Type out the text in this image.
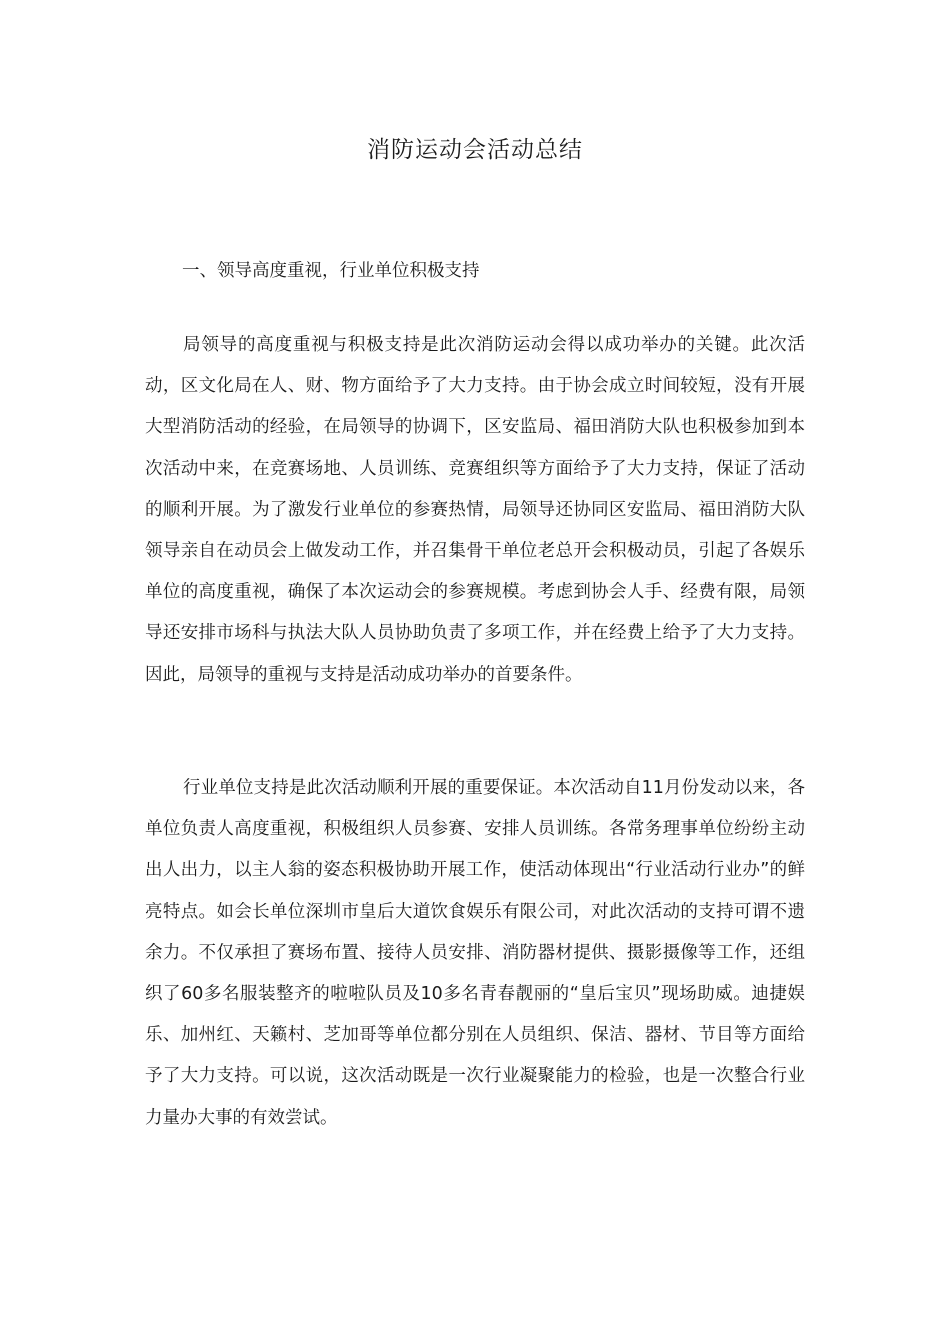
消防运动会活动总结
一、领导高度重视，行业单位积极支持

局领导的高度重视与积极支持是此次消防运动会得以成功举办的关键。此次活动，区文化局在人、财、物方面给予了大力支持。由于协会成立时间较短，没有开展大型消防活动的经验，在局领导的协调下，区安监局、福田消防大队也积极参加到本次活动中来，在竞赛场地、人员训练、竞赛组织等方面给予了大力支持，保证了活动的顺利开展。为了激发行业单位的参赛热情，局领导还协同区安监局、福田消防大队领导亲自在动员会上做发动工作，并召集骨干单位老总开会积极动员，引起了各娱乐单位的高度重视，确保了本次运动会的参赛规模。考虑到协会人手、经费有限，局领导还安排市场科与执法大队人员协助负责了多项工作，并在经费上给予了大力支持。因此，局领导的重视与支持是活动成功举办的首要条件。

行业单位支持是此次活动顺利开展的重要保证。本次活动自11月份发动以来，各单位负责人高度重视，积极组织人员参赛、安排人员训练。各常务理事单位纷纷主动出人出力，以主人翁的姿态积极协助开展工作，使活动体现出“行业活动行业办”的鲜亮特点。如会长单位深圳市皇后大道饮食娱乐有限公司，对此次活动的支持可谓不遗余力。不仅承担了赛场布置、接待人员安排、消防器材提供、摄影摄像等工作，还组织了60多名服装整齐的啦啦队员及10多名青春靓丽的“皇后宝贝”现场助威。迪捷娱乐、加州红、天籁村、芝加哥等单位都分别在人员组织、保洁、器材、节目等方面给予了大力支持。可以说，这次活动既是一次行业凝聚能力的检验，也是一次整合行业力量办大事的有效尝试。
